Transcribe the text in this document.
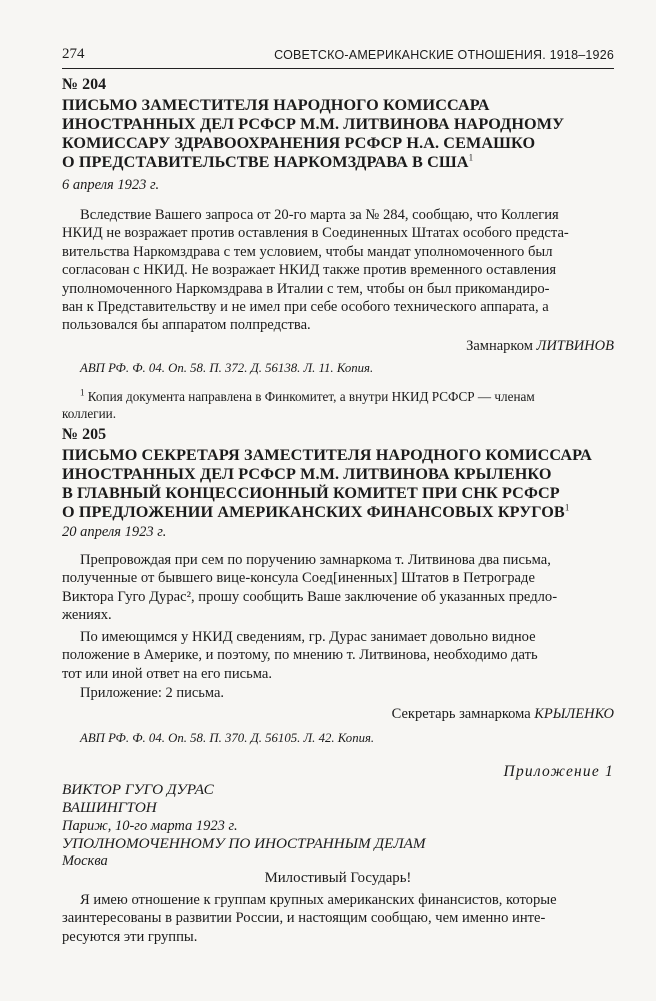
274	СОВЕТСКО-АМЕРИКАНСКИЕ ОТНОШЕНИЯ. 1918–1926
№ 204
ПИСЬМО ЗАМЕСТИТЕЛЯ НАРОДНОГО КОМИССАРА
ИНОСТРАННЫХ ДЕЛ РСФСР М.М. ЛИТВИНОВА НАРОДНОМУ
КОМИССАРУ ЗДРАВООХРАНЕНИЯ РСФСР Н.А. СЕМАШКО
О ПРЕДСТАВИТЕЛЬСТВЕ НАРКОМЗДРАВА В США$^1$
6 апреля 1923 г.
Вследствие Вашего запроса от 20-го марта за № 284, сообщаю, что Коллегия
НКИД не возражает против оставления в Соединенных Штатах особого предста-
вительства Наркомздрава с тем условием, чтобы мандат уполномоченного был
согласован с НКИД. Не возражает НКИД также против временного оставления
уполномоченного Наркомздрава в Италии с тем, чтобы он был прикомандиро-
ван к Представительству и не имел при себе особого технического аппарата, а
пользовался бы аппаратом полпредства.
Замнарком ЛИТВИНОВ
АВП РФ. Ф. 04. Оп. 58. П. 372. Д. 56138. Л. 11. Копия.
$^1$ Копия документа направлена в Финкомитет, а внутри НКИД РСФСР — членам
коллегии.
№ 205
ПИСЬМО СЕКРЕТАРЯ ЗАМЕСТИТЕЛЯ НАРОДНОГО КОМИССАРА
ИНОСТРАННЫХ ДЕЛ РСФСР М.М. ЛИТВИНОВА КРЫЛЕНКО
В ГЛАВНЫЙ КОНЦЕССИОННЫЙ КОМИТЕТ ПРИ СНК РСФСР
О ПРЕДЛОЖЕНИИ АМЕРИКАНСКИХ ФИНАНСОВЫХ КРУГОВ$^1$
20 апреля 1923 г.
Препровождая при сем по поручению замнаркома т. Литвинова два письма,
полученные от бывшего вице-консула Соед[иненных] Штатов в Петрограде
Виктора Гуго Дурас², прошу сообщить Ваше заключение об указанных предло-
жениях.
По имеющимся у НКИД сведениям, гр. Дурас занимает довольно видное
положение в Америке, и поэтому, по мнению т. Литвинова, необходимо дать
тот или иной ответ на его письма.
Приложение: 2 письма.
Секретарь замнаркома КРЫЛЕНКО
АВП РФ. Ф. 04. Оп. 58. П. 370. Д. 56105. Л. 42. Копия.
Приложение 1
ВИКТОР ГУГО ДУРАС
ВАШИНГТОН
Париж, 10-го марта 1923 г.
УПОЛНОМОЧЕННОМУ ПО ИНОСТРАННЫМ ДЕЛАМ
Москва
Милостивый Государь!
Я имею отношение к группам крупных американских финансистов, которые
заинтересованы в развитии России, и настоящим сообщаю, чем именно инте-
ресуются эти группы.
